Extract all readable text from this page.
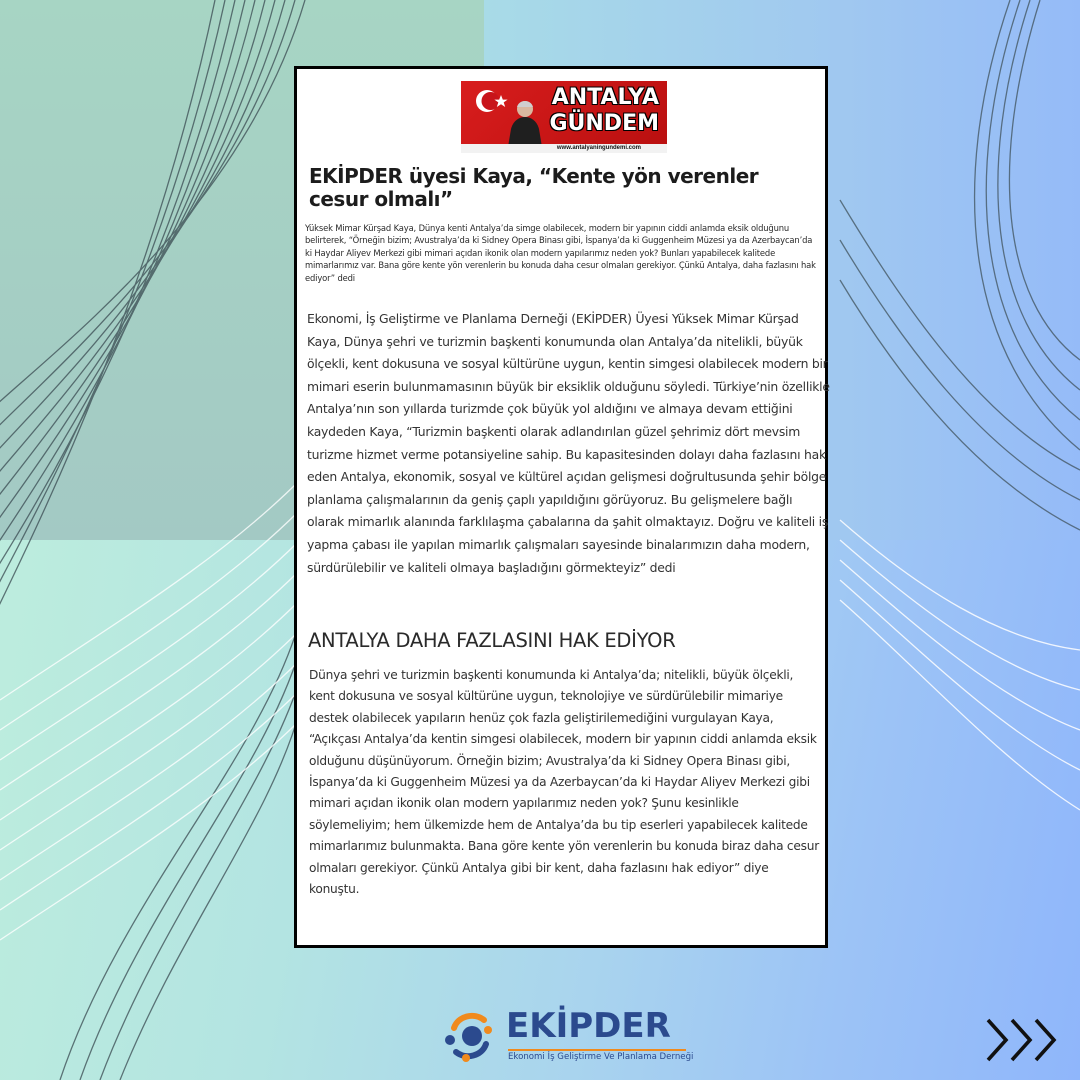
ANTALYA
GÜNDEM
www.antalyaningundemi.com
EKİPDER üyesi Kaya, “Kente yön verenler cesur olmalı”

Yüksek Mimar Kürşad Kaya, Dünya kenti Antalya’da simge olabilecek, modern bir yapının ciddi anlamda eksik olduğunu belirterek, “Örneğin bizim; Avustralya’da ki Sidney Opera Binası gibi, İspanya’da ki Guggenheim Müzesi ya da Azerbaycan’da ki Haydar Aliyev Merkezi gibi mimari açıdan ikonik olan modern yapılarımız neden yok? Bunları yapabilecek kalitede mimarlarımız var. Bana göre kente yön verenlerin bu konuda daha cesur olmaları gerekiyor. Çünkü Antalya, daha fazlasını hak ediyor” dedi

Ekonomi, İş Geliştirme ve Planlama Derneği (EKİPDER) Üyesi Yüksek Mimar Kürşad Kaya, Dünya şehri ve turizmin başkenti konumunda olan Antalya’da nitelikli, büyük ölçekli, kent dokusuna ve sosyal kültürüne uygun, kentin simgesi olabilecek modern bir mimari eserin bulunmamasının büyük bir eksiklik olduğunu söyledi. Türkiye’nin özellikle Antalya’nın son yıllarda turizmde çok büyük yol aldığını ve almaya devam ettiğini kaydeden Kaya, “Turizmin başkenti olarak adlandırılan güzel şehrimiz dört mevsim turizme hizmet verme potansiyeline sahip. Bu kapasitesinden dolayı daha fazlasını hak eden Antalya, ekonomik, sosyal ve kültürel açıdan gelişmesi doğrultusunda şehir bölge planlama çalışmalarının da geniş çaplı yapıldığını görüyoruz. Bu gelişmelere bağlı olarak mimarlık alanında farklılaşma çabalarına da şahit olmaktayız. Doğru ve kaliteli iş yapma çabası ile yapılan mimarlık çalışmaları sayesinde binalarımızın daha modern, sürdürülebilir ve kaliteli olmaya başladığını görmekteyiz” dedi

ANTALYA DAHA FAZLASINI HAK EDİYOR

Dünya şehri ve turizmin başkenti konumunda ki Antalya’da; nitelikli, büyük ölçekli, kent dokusuna ve sosyal kültürüne uygun, teknolojiye ve sürdürülebilir mimariye destek olabilecek yapıların henüz çok fazla geliştirilemediğini vurgulayan Kaya, “Açıkçası Antalya’da kentin simgesi olabilecek, modern bir yapının ciddi anlamda eksik olduğunu düşünüyorum. Örneğin bizim; Avustralya’da ki Sidney Opera Binası gibi, İspanya’da ki Guggenheim Müzesi ya da Azerbaycan’da ki Haydar Aliyev Merkezi gibi mimari açıdan ikonik olan modern yapılarımız neden yok? Şunu kesinlikle söylemeliyim; hem ülkemizde hem de Antalya’da bu tip eserleri yapabilecek kalitede mimarlarımız bulunmakta. Bana göre kente yön verenlerin bu konuda biraz daha cesur olmaları gerekiyor. Çünkü Antalya gibi bir kent, daha fazlasını hak ediyor” diye konuştu.

EKİPDER
Ekonomi İş Geliştirme Ve Planlama Derneği
